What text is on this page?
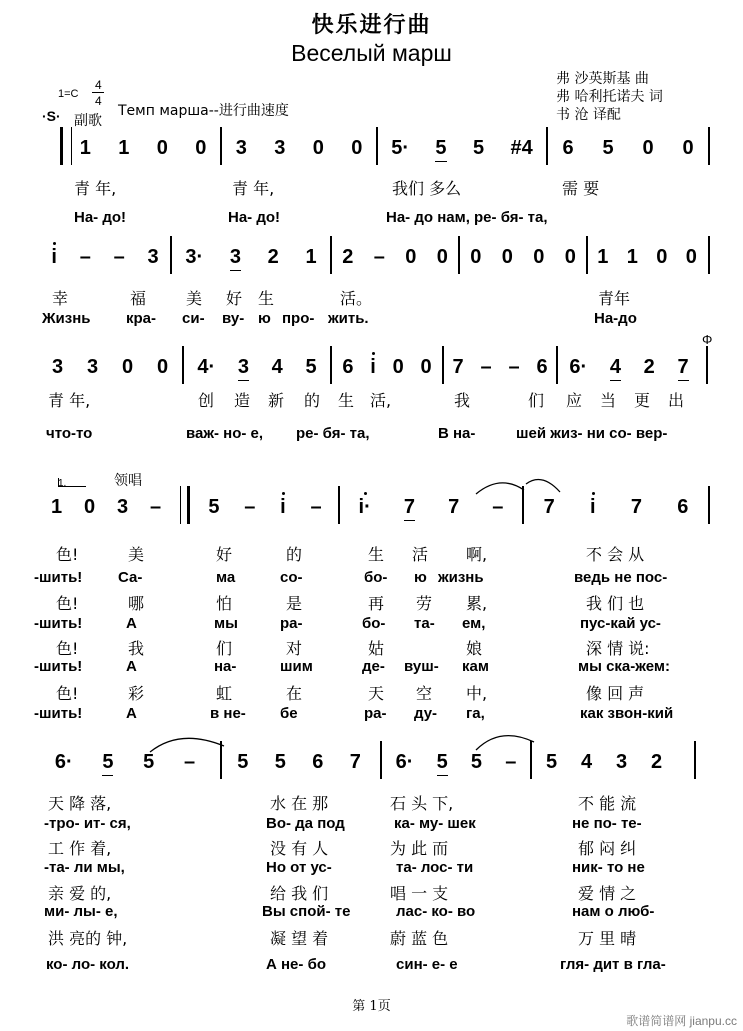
快乐进行曲
Веселый марш
弗 沙英斯基 曲
弗 哈利托诺夫 词
书 沧 译配
1=C
4
4
·S·	Темп марша--进行曲速度
副歌
1 1 0 0 3 3 0 0 5· 5 5 #4 6 5 0 0
青 年,	青 年,	我们 多么	需 要
На- до!	На- до!	На- до нам, ре- бя- та,
i – – 3 3· 3 2 1 2 – 0 0 0 0 0 0 1 1 0 0
幸	福 美 好 生	活。	青年
Жизнь кра- си- ву- ю про- жить.	На-до
3 3 0 0 4· 3 4 5 6 i 0 0 7 – – 6 6· 4 2 7
Φ
青 年,	创 造 新 的 生 活,	我	们 应 当 更 出
что-то	важ- но- е, ре- бя- та,	В на-	шей жиз- ни со- вер-
1.	领唱
1 0 3 – 5 – i – i· 7 7 – 7 i 7 6
色!	美	好	的	生 活 啊,	不 会 从
-шить! Са-	ма	со-	бо- ю жизнь	ведь не пос-
色!	哪	怕	是	再 劳 累,	我 们 也
-шить!	А	мы	ра-	бо- та- ем,	пус-кай ус-
色!	我	们	对	姑	娘	深 情 说:
-шить!	А	на-	шим	де- вуш- кам	мы ска-жем:
色!	彩	虹	在	天 空 中,	像 回 声
-шить!	А	в не- бе	ра- ду- га,	как звон-кий
6· 5 5 – 5 5 6 7 6· 5 5 – 5 4 3 2
天 降 落,	水 在 那	石 头 下,	不 能 流
-тро- ит- ся,	Во- да под	ка- му- шек	не по- те-
工 作 着,	没 有 人	为 此 而	郁 闷 纠
-та- ли мы,	Но от ус-	та- лос- ти	ник- то не
亲 爱 的,	给 我 们	唱 一 支	爱 情 之
ми- лы- е,	Вы спой- те	лас- ко- во	нам о люб-
洪 亮的 钟,	凝 望 着	蔚 蓝 色	万 里 晴
ко- ло- кол.	А не- бо	син- е- е	гля- дит в гла-
第 1页
歌谱简谱网 jianpu.cc
